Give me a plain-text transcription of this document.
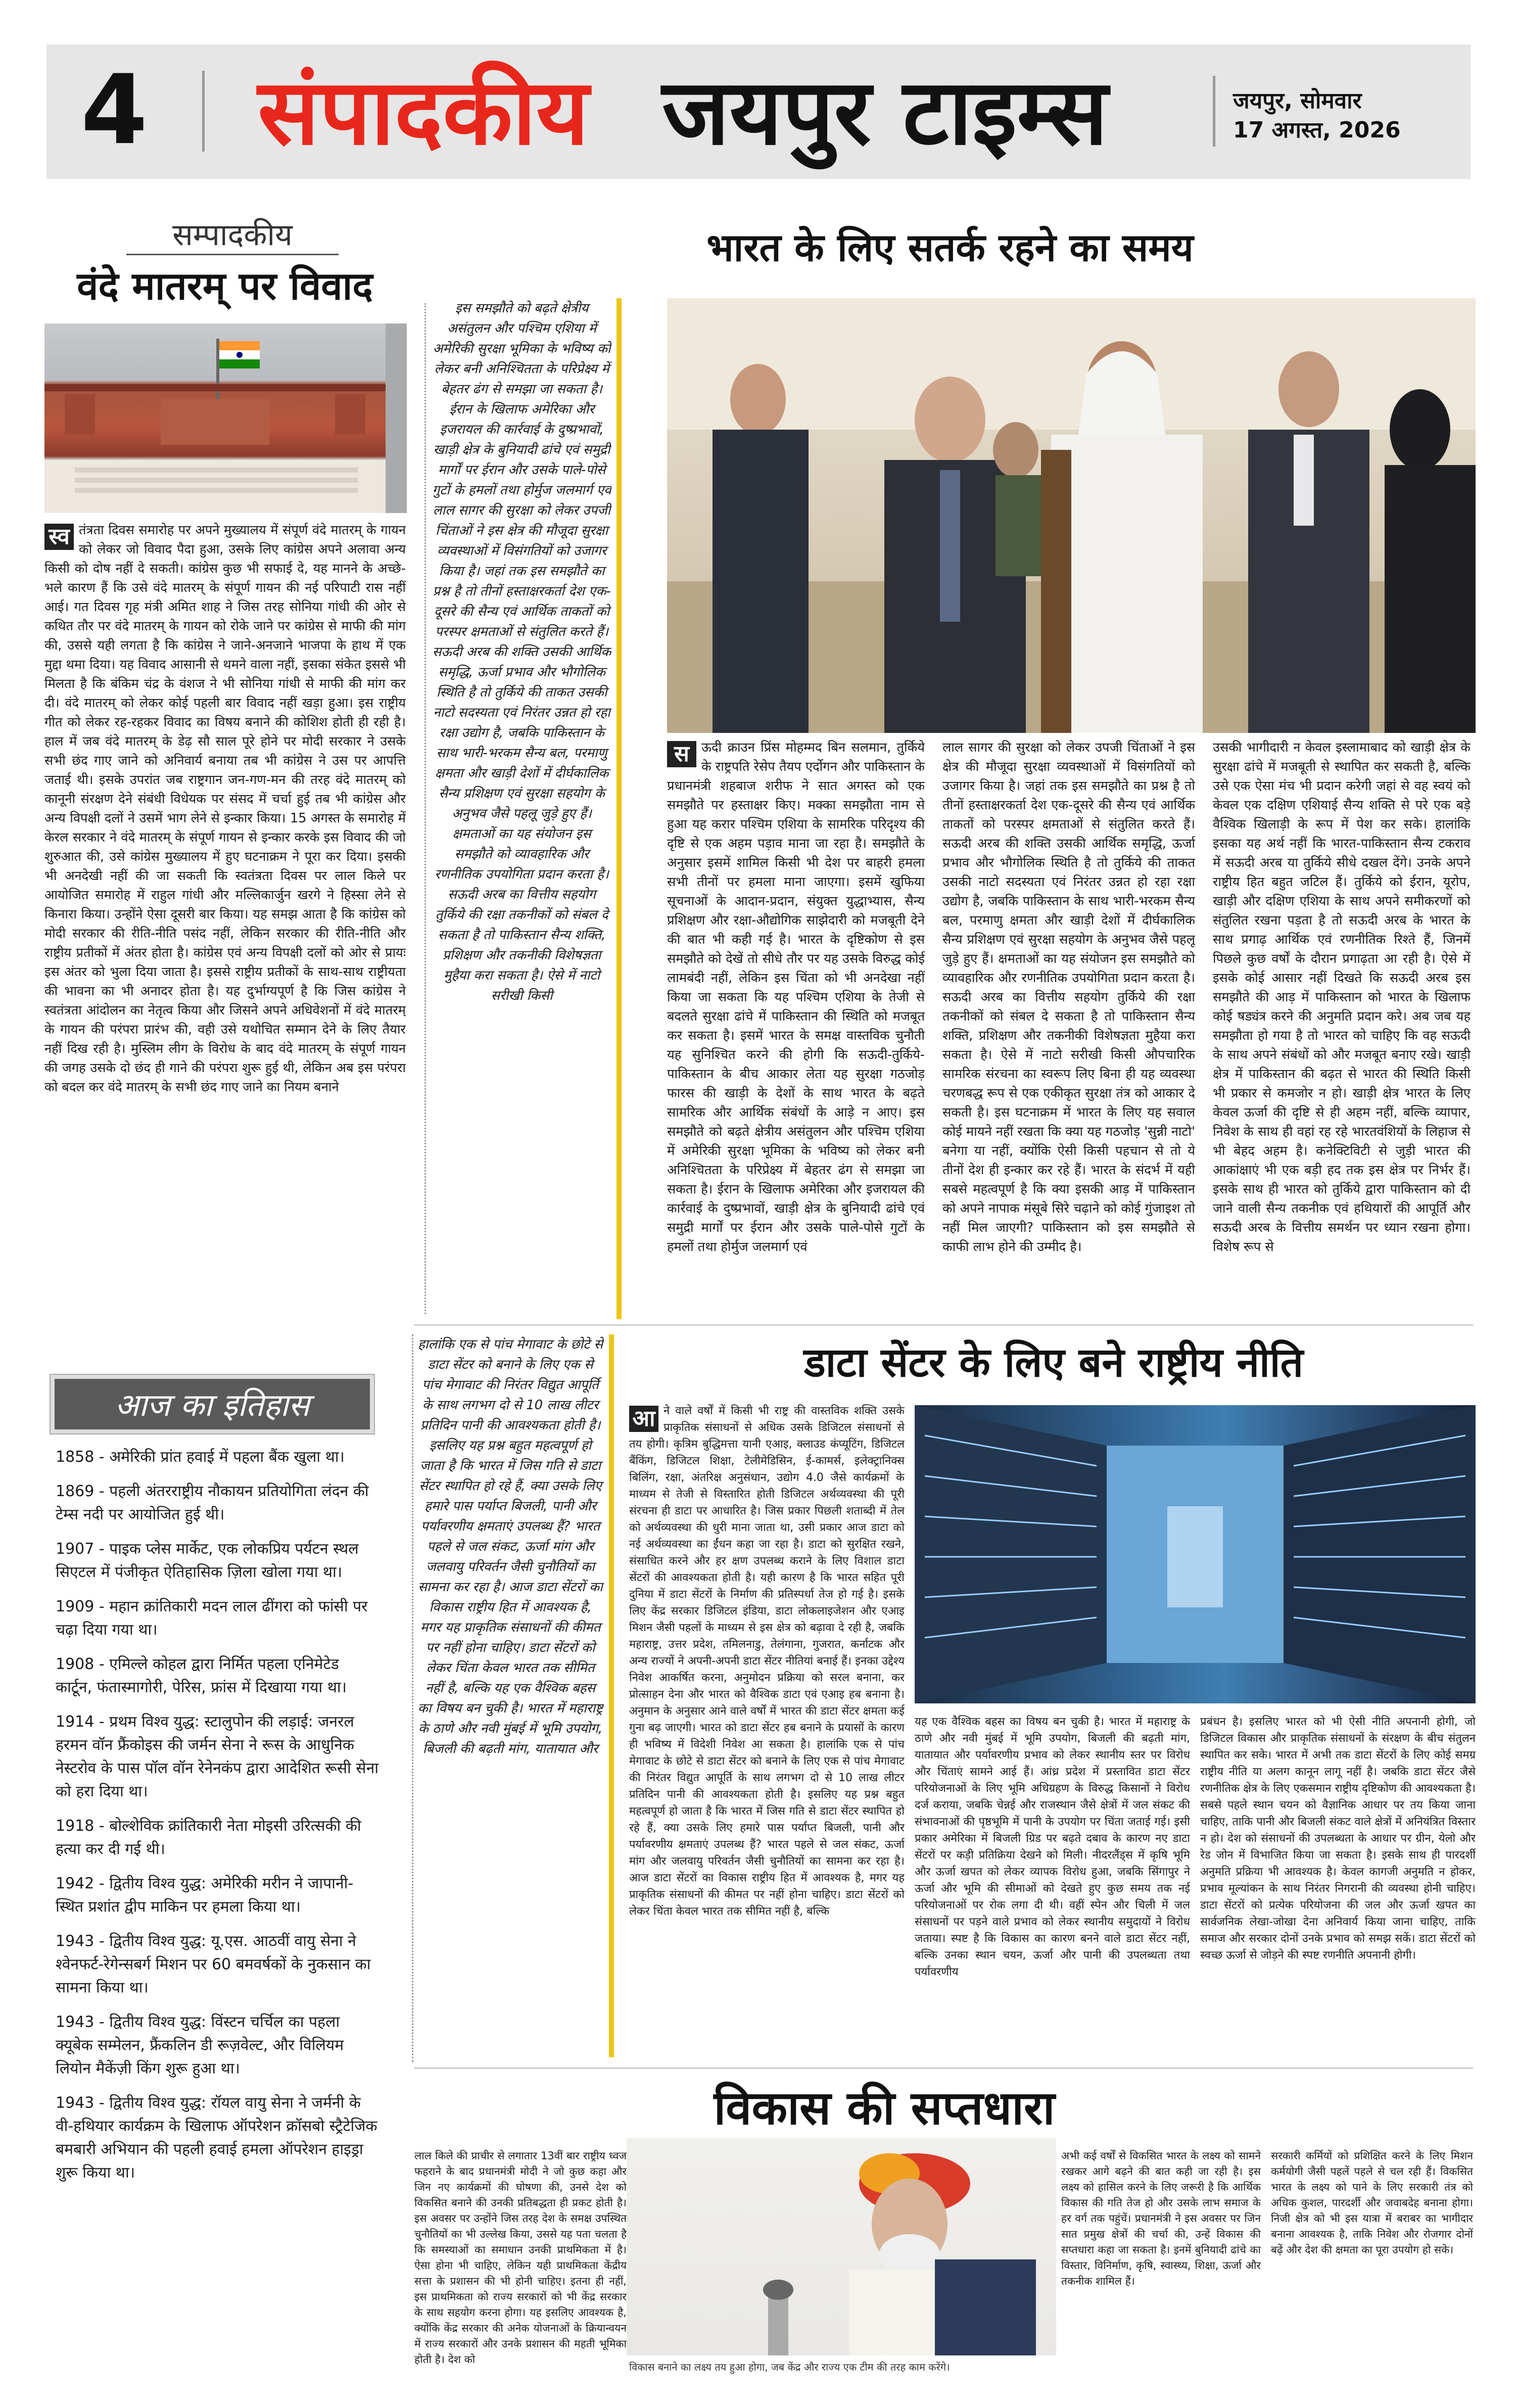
4 संपादकीय जयपुर टाइम्स	जयपुर, सोमवार
17 अगस्त, 2026
सम्पादकीय
वंदे मातरम् पर विवाद
स्व तंत्रता दिवस समारोह पर अपने मुख्यालय में संपूर्ण वंदे मातरम् के गायन को लेकर जो विवाद पैदा हुआ, उसके लिए कांग्रेस अपने अलावा अन्य किसी को दोष नहीं दे सकती। कांग्रेस कुछ भी सफाई दे, यह मानने के अच्छे-भले कारण हैं कि उसे वंदे मातरम् के संपूर्ण गायन की नई परिपाटी रास नहीं आई। गत दिवस गृह मंत्री अमित शाह ने जिस तरह सोनिया गांधी की ओर से कथित तौर पर वंदे मातरम् के गायन को रोके जाने पर कांग्रेस से माफी की मांग की, उससे यही लगता है कि कांग्रेस ने जाने-अनजाने भाजपा के हाथ में एक मुद्दा थमा दिया। यह विवाद आसानी से थमने वाला नहीं, इसका संकेत इससे भी मिलता है कि बंकिम चंद्र के वंशज ने भी सोनिया गांधी से माफी की मांग कर दी। वंदे मातरम् को लेकर कोई पहली बार विवाद नहीं खड़ा हुआ। इस राष्ट्रीय गीत को लेकर रह-रहकर विवाद का विषय बनाने की कोशिश होती ही रही है। हाल में जब वंदे मातरम् के डेढ़ सौ साल पूरे होने पर मोदी सरकार ने उसके सभी छंद गाए जाने को अनिवार्य बनाया तब भी कांग्रेस ने उस पर आपत्ति जताई थी। इसके उपरांत जब राष्ट्रगान जन-गण-मन की तरह वंदे मातरम् को कानूनी संरक्षण देने संबंधी विधेयक पर संसद में चर्चा हुई तब भी कांग्रेस और अन्य विपक्षी दलों ने उसमें भाग लेने से इन्कार किया। 15 अगस्त के समारोह में केरल सरकार ने वंदे मातरम् के संपूर्ण गायन से इन्कार करके इस विवाद की जो शुरुआत की, उसे कांग्रेस मुख्यालय में हुए घटनाक्रम ने पूरा कर दिया। इसकी भी अनदेखी नहीं की जा सकती कि स्वतंत्रता दिवस पर लाल किले पर आयोजित समारोह में राहुल गांधी और मल्लिकार्जुन खरगे ने हिस्सा लेने से किनारा किया। उन्होंने ऐसा दूसरी बार किया। यह समझ आता है कि कांग्रेस को मोदी सरकार की रीति-नीति पसंद नहीं, लेकिन सरकार की रीति-नीति और राष्ट्रीय प्रतीकों में अंतर होता है। कांग्रेस एवं अन्य विपक्षी दलों को ओर से प्रायः इस अंतर को भुला दिया जाता है। इससे राष्ट्रीय प्रतीकों के साथ-साथ राष्ट्रीयता की भावना का भी अनादर होता है। यह दुर्भाग्यपूर्ण है कि जिस कांग्रेस ने स्वतंत्रता आंदोलन का नेतृत्व किया और जिसने अपने अधिवेशनों में वंदे मातरम् के गायन की परंपरा प्रारंभ की, वही उसे यथोचित सम्मान देने के लिए तैयार नहीं दिख रही है। मुस्लिम लीग के विरोध के बाद वंदे मातरम् के संपूर्ण गायन की जगह उसके दो छंद ही गाने की परंपरा शुरू हुई थी, लेकिन अब इस परंपरा को बदल कर वंदे मातरम् के सभी छंद गाए जाने का नियम बनाने
आज का इतिहास
1858 - अमेरिकी प्रांत हवाई में पहला बैंक खुला था।
1869 - पहली अंतरराष्ट्रीय नौकायन प्रतियोगिता लंदन की टेम्स नदी पर आयोजित हुई थी।
1907 - पाइक प्लेस मार्केट, एक लोकप्रिय पर्यटन स्थल सिएटल में पंजीकृत ऐतिहासिक ज़िला खोला गया था।
1909 - महान क्रांतिकारी मदन लाल ढींगरा को फांसी पर चढ़ा दिया गया था।
1908 - एमिल्ले कोहल द्वारा निर्मित पहला एनिमेटेड कार्टून, फंतास्मागोरी, पेरिस, फ्रांस में दिखाया गया था।
1914 - प्रथम विश्व युद्ध: स्टालुपोन की लड़ाई: जनरल हरमन वॉन फ्रैंकोइस की जर्मन सेना ने रूस के आधुनिक नेस्टरोव के पास पॉल वॉन रेनेनकंप द्वारा आदेशित रूसी सेना को हरा दिया था।
1918 - बोल्शेविक क्रांतिकारी नेता मोइसी उरित्सकी की हत्या कर दी गई थी।
1942 - द्वितीय विश्व युद्ध: अमेरिकी मरीन ने जापानी-स्थित प्रशांत द्वीप माकिन पर हमला किया था।
1943 - द्वितीय विश्व युद्ध: यू.एस. आठवीं वायु सेना ने श्वेनफर्ट-रेगेन्सबर्ग मिशन पर 60 बमवर्षकों के नुकसान का सामना किया था।
1943 - द्वितीय विश्व युद्ध: विंस्टन चर्चिल का पहला क्यूबेक सम्मेलन, फ्रैंकलिन डी रूज़वेल्ट, और विलियम लियोन मैकेंज़ी किंग शुरू हुआ था।
1943 - द्वितीय विश्व युद्ध: रॉयल वायु सेना ने जर्मनी के वी-हथियार कार्यक्रम के खिलाफ ऑपरेशन क्रॉसबो स्ट्रैटेजिक बमबारी अभियान की पहली हवाई हमला ऑपरेशन हाइड्रा शुरू किया था।
इस समझौते को बढ़ते क्षेत्रीय असंतुलन और पश्चिम एशिया में अमेरिकी सुरक्षा भूमिका के भविष्य को लेकर बनी अनिश्चितता के परिप्रेक्ष्य में बेहतर ढंग से समझा जा सकता है। ईरान के खिलाफ अमेरिका और इजरायल की कार्रवाई के दुष्प्रभावों, खाड़ी क्षेत्र के बुनियादी ढांचे एवं समुद्री मार्गों पर ईरान और उसके पाले-पोसे गुटों के हमलों तथा होर्मुज जलमार्ग एवं लाल सागर की सुरक्षा को लेकर उपजी चिंताओं ने इस क्षेत्र की मौजूदा सुरक्षा व्यवस्थाओं में विसंगतियों को उजागर किया है। जहां तक इस समझौते का प्रश्न है तो तीनों हस्ताक्षरकर्ता देश एक-दूसरे की सैन्य एवं आर्थिक ताकतों को परस्पर क्षमताओं से संतुलित करते हैं। सऊदी अरब की शक्ति उसकी आर्थिक समृद्धि, ऊर्जा प्रभाव और भौगोलिक स्थिति है तो तुर्किये की ताकत उसकी नाटो सदस्यता एवं निरंतर उन्नत हो रहा रक्षा उद्योग है, जबकि पाकिस्तान के साथ भारी-भरकम सैन्य बल, परमाणु क्षमता और खाड़ी देशों में दीर्घकालिक सैन्य प्रशिक्षण एवं सुरक्षा सहयोग के अनुभव जैसे पहलू जुड़े हुए हैं। क्षमताओं का यह संयोजन इस समझौते को व्यावहारिक और रणनीतिक उपयोगिता प्रदान करता है। सऊदी अरब का वित्तीय सहयोग तुर्किये की रक्षा तकनीकों को संबल दे सकता है तो पाकिस्तान सैन्य शक्ति, प्रशिक्षण और तकनीकी विशेषज्ञता मुहैया करा सकता है। ऐसे में नाटो सरीखी किसी
भारत के लिए सतर्क रहने का समय
स ऊदी क्राउन प्रिंस मोहम्मद बिन सलमान, तुर्किये के राष्ट्रपति रेसेप तैयप एर्दोगन और पाकिस्तान के प्रधानमंत्री शहबाज शरीफ ने सात अगस्त को एक समझौते पर हस्ताक्षर किए। मक्का समझौता नाम से हुआ यह करार पश्चिम एशिया के सामरिक परिदृश्य की दृष्टि से एक अहम पड़ाव माना जा रहा है। समझौते के अनुसार इसमें शामिल किसी भी देश पर बाहरी हमला सभी तीनों पर हमला माना जाएगा। इसमें खुफिया सूचनाओं के आदान-प्रदान, संयुक्त युद्धाभ्यास, सैन्य प्रशिक्षण और रक्षा-औद्योगिक साझेदारी को मजबूती देने की बात भी कही गई है। भारत के दृष्टिकोण से इस समझौते को देखें तो सीधे तौर पर यह उसके विरुद्ध कोई लामबंदी नहीं, लेकिन इस चिंता को भी अनदेखा नहीं किया जा सकता कि यह पश्चिम एशिया के तेजी से बदलते सुरक्षा ढांचे में पाकिस्तान की स्थिति को मजबूत कर सकता है। इसमें भारत के समक्ष वास्तविक चुनौती यह सुनिश्चित करने की होगी कि सऊदी-तुर्किये-पाकिस्तान के बीच आकार लेता यह सुरक्षा गठजोड़ फारस की खाड़ी के देशों के साथ भारत के बढ़ते सामरिक और आर्थिक संबंधों के आड़े न आए। इस समझौते को बढ़ते क्षेत्रीय असंतुलन और पश्चिम एशिया में अमेरिकी सुरक्षा भूमिका के भविष्य को लेकर बनी अनिश्चितता के परिप्रेक्ष्य में बेहतर ढंग से समझा जा सकता है। ईरान के खिलाफ अमेरिका और इजरायल की कार्रवाई के दुष्प्रभावों, खाड़ी क्षेत्र के बुनियादी ढांचे एवं समुद्री मार्गों पर ईरान और उसके पाले-पोसे गुटों के हमलों तथा होर्मुज जलमार्ग एवं
लाल सागर की सुरक्षा को लेकर उपजी चिंताओं ने इस क्षेत्र की मौजूदा सुरक्षा व्यवस्थाओं में विसंगतियों को उजागर किया है। जहां तक इस समझौते का प्रश्न है तो तीनों हस्ताक्षरकर्ता देश एक-दूसरे की सैन्य एवं आर्थिक ताकतों को परस्पर क्षमताओं से संतुलित करते हैं। सऊदी अरब की शक्ति उसकी आर्थिक समृद्धि, ऊर्जा प्रभाव और भौगोलिक स्थिति है तो तुर्किये की ताकत उसकी नाटो सदस्यता एवं निरंतर उन्नत हो रहा रक्षा उद्योग है, जबकि पाकिस्तान के साथ भारी-भरकम सैन्य बल, परमाणु क्षमता और खाड़ी देशों में दीर्घकालिक सैन्य प्रशिक्षण एवं सुरक्षा सहयोग के अनुभव जैसे पहलू जुड़े हुए हैं। क्षमताओं का यह संयोजन इस समझौते को व्यावहारिक और रणनीतिक उपयोगिता प्रदान करता है। सऊदी अरब का वित्तीय सहयोग तुर्किये की रक्षा तकनीकों को संबल दे सकता है तो पाकिस्तान सैन्य शक्ति, प्रशिक्षण और तकनीकी विशेषज्ञता मुहैया करा सकता है। ऐसे में नाटो सरीखी किसी औपचारिक सामरिक संरचना का स्वरूप लिए बिना ही यह व्यवस्था चरणबद्ध रूप से एक एकीकृत सुरक्षा तंत्र को आकार दे सकती है। इस घटनाक्रम में भारत के लिए यह सवाल कोई मायने नहीं रखता कि क्या यह गठजोड़ 'सुन्नी नाटो' बनेगा या नहीं, क्योंकि ऐसी किसी पहचान से तो ये तीनों देश ही इन्कार कर रहे हैं। भारत के संदर्भ में यही सबसे महत्वपूर्ण है कि क्या इसकी आड़ में पाकिस्तान को अपने नापाक मंसूबे सिरे चढ़ाने को कोई गुंजाइश तो नहीं मिल जाएगी? पाकिस्तान को इस समझौते से काफी लाभ होने की उम्मीद है।
उसकी भागीदारी न केवल इस्लामाबाद को खाड़ी क्षेत्र के सुरक्षा ढांचे में मजबूती से स्थापित कर सकती है, बल्कि उसे एक ऐसा मंच भी प्रदान करेगी जहां से वह स्वयं को केवल एक दक्षिण एशियाई सैन्य शक्ति से परे एक बड़े वैश्विक खिलाड़ी के रूप में पेश कर सके। हालांकि इसका यह अर्थ नहीं कि भारत-पाकिस्तान सैन्य टकराव में सऊदी अरब या तुर्किये सीधे दखल देंगे। उनके अपने राष्ट्रीय हित बहुत जटिल हैं। तुर्किये को ईरान, यूरोप, खाड़ी और दक्षिण एशिया के साथ अपने समीकरणों को संतुलित रखना पड़ता है तो सऊदी अरब के भारत के साथ प्रगाढ़ आर्थिक एवं रणनीतिक रिश्ते हैं, जिनमें पिछले कुछ वर्षों के दौरान प्रगाढ़ता आ रही है। ऐसे में इसके कोई आसार नहीं दिखते कि सऊदी अरब इस समझौते की आड़ में पाकिस्तान को भारत के खिलाफ कोई षड्यंत्र करने की अनुमति प्रदान करे। अब जब यह समझौता हो गया है तो भारत को चाहिए कि वह सऊदी के साथ अपने संबंधों को और मजबूत बनाए रखे। खाड़ी क्षेत्र में पाकिस्तान की बढ़त से भारत की स्थिति किसी भी प्रकार से कमजोर न हो। खाड़ी क्षेत्र भारत के लिए केवल ऊर्जा की दृष्टि से ही अहम नहीं, बल्कि व्यापार, निवेश के साथ ही वहां रह रहे भारतवंशियों के लिहाज से भी बेहद अहम है। कनेक्टिविटी से जुड़ी भारत की आकांक्षाएं भी एक बड़ी हद तक इस क्षेत्र पर निर्भर हैं। इसके साथ ही भारत को तुर्किये द्वारा पाकिस्तान को दी जाने वाली सैन्य तकनीक एवं हथियारों की आपूर्ति और सऊदी अरब के वित्तीय समर्थन पर ध्यान रखना होगा। विशेष रूप से
हालांकि एक से पांच मेगावाट के छोटे से डाटा सेंटर को बनाने के लिए एक से पांच मेगावाट की निरंतर विद्युत आपूर्ति के साथ लगभग दो से 10 लाख लीटर प्रतिदिन पानी की आवश्यकता होती है। इसलिए यह प्रश्न बहुत महत्वपूर्ण हो जाता है कि भारत में जिस गति से डाटा सेंटर स्थापित हो रहे हैं, क्या उसके लिए हमारे पास पर्याप्त बिजली, पानी और पर्यावरणीय क्षमताएं उपलब्ध हैं? भारत पहले से जल संकट, ऊर्जा मांग और जलवायु परिवर्तन जैसी चुनौतियों का सामना कर रहा है। आज डाटा सेंटरों का विकास राष्ट्रीय हित में आवश्यक है, मगर यह प्राकृतिक संसाधनों की कीमत पर नहीं होना चाहिए। डाटा सेंटरों को लेकर चिंता केवल भारत तक सीमित नहीं है, बल्कि यह एक वैश्विक बहस का विषय बन चुकी है। भारत में महाराष्ट्र के ठाणे और नवी मुंबई में भूमि उपयोग, बिजली की बढ़ती मांग, यातायात और
डाटा सेंटर के लिए बने राष्ट्रीय नीति
आ ने वाले वर्षों में किसी भी राष्ट्र की वास्तविक शक्ति उसके प्राकृतिक संसाधनों से अधिक उसके डिजिटल संसाधनों से तय होगी। कृत्रिम बुद्धिमत्ता यानी एआइ, क्लाउड कंप्यूटिंग, डिजिटल बैंकिंग, डिजिटल शिक्षा, टेलीमेडिसिन, ई-कामर्स, इलेक्ट्रानिक्स बिलिंग, रक्षा, अंतरिक्ष अनुसंधान, उद्योग 4.0 जैसे कार्यक्रमों के माध्यम से तेजी से विस्तारित होती डिजिटल अर्थव्यवस्था की पूरी संरचना ही डाटा पर आधारित है। जिस प्रकार पिछली शताब्दी में तेल को अर्थव्यवस्था की धुरी माना जाता था, उसी प्रकार आज डाटा को नई अर्थव्यवस्था का ईंधन कहा जा रहा है। डाटा को सुरक्षित रखने, संसाधित करने और हर क्षण उपलब्ध कराने के लिए विशाल डाटा सेंटरों की आवश्यकता होती है। यही कारण है कि भारत सहित पूरी दुनिया में डाटा सेंटरों के निर्माण की प्रतिस्पर्धा तेज हो गई है। इसके लिए केंद्र सरकार डिजिटल इंडिया, डाटा लोकलाइजेशन और एआइ मिशन जैसी पहलों के माध्यम से इस क्षेत्र को बढ़ावा दे रही है, जबकि महाराष्ट्र, उत्तर प्रदेश, तमिलनाडु, तेलंगाना, गुजरात, कर्नाटक और अन्य राज्यों ने अपनी-अपनी डाटा सेंटर नीतियां बनाई हैं। इनका उद्देश्य निवेश आकर्षित करना, अनुमोदन प्रक्रिया को सरल बनाना, कर प्रोत्साहन देना और भारत को वैश्विक डाटा एवं एआइ हब बनाना है। अनुमान के अनुसार आने वाले वर्षों में भारत की डाटा सेंटर क्षमता कई गुना बढ़ जाएगी। भारत को डाटा सेंटर हब बनाने के प्रयासों के कारण ही भविष्य में विदेशी निवेश आ सकता है। हालांकि एक से पांच मेगावाट के छोटे से डाटा सेंटर को बनाने के लिए एक से पांच मेगावाट की निरंतर विद्युत आपूर्ति के साथ लगभग दो से 10 लाख लीटर प्रतिदिन पानी की आवश्यकता होती है। इसलिए यह प्रश्न बहुत महत्वपूर्ण हो जाता है कि भारत में जिस गति से डाटा सेंटर स्थापित हो रहे हैं, क्या उसके लिए हमारे पास पर्याप्त बिजली, पानी और पर्यावरणीय क्षमताएं उपलब्ध हैं? भारत पहले से जल संकट, ऊर्जा मांग और जलवायु परिवर्तन जैसी चुनौतियों का सामना कर रहा है। आज डाटा सेंटरों का विकास राष्ट्रीय हित में आवश्यक है, मगर यह प्राकृतिक संसाधनों की कीमत पर नहीं होना चाहिए। डाटा सेंटरों को लेकर चिंता केवल भारत तक सीमित नहीं है, बल्कि
यह एक वैश्विक बहस का विषय बन चुकी है। भारत में महाराष्ट्र के ठाणे और नवी मुंबई में भूमि उपयोग, बिजली की बढ़ती मांग, यातायात और पर्यावरणीय प्रभाव को लेकर स्थानीय स्तर पर विरोध और चिंताएं सामने आई हैं। आंध्र प्रदेश में प्रस्तावित डाटा सेंटर परियोजनाओं के लिए भूमि अधिग्रहण के विरुद्ध किसानों ने विरोध दर्ज कराया, जबकि चेन्नई और राजस्थान जैसे क्षेत्रों में जल संकट की संभावनाओं की पृष्ठभूमि में पानी के उपयोग पर चिंता जताई गई। इसी प्रकार अमेरिका में बिजली ग्रिड पर बढ़ते दबाव के कारण नए डाटा सेंटरों पर कड़ी प्रतिक्रिया देखने को मिली। नीदरलैंड्स में कृषि भूमि और ऊर्जा खपत को लेकर व्यापक विरोध हुआ, जबकि सिंगापुर ने ऊर्जा और भूमि की सीमाओं को देखते हुए कुछ समय तक नई परियोजनाओं पर रोक लगा दी थी। वहीं स्पेन और चिली में जल संसाधनों पर पड़ने वाले प्रभाव को लेकर स्थानीय समुदायों ने विरोध जताया। स्पष्ट है कि विकास का कारण बनने वाले डाटा सेंटर नहीं, बल्कि उनका स्थान चयन, ऊर्जा और पानी की उपलब्धता तथा पर्यावरणीय
प्रबंधन है। इसलिए भारत को भी ऐसी नीति अपनानी होगी, जो डिजिटल विकास और प्राकृतिक संसाधनों के संरक्षण के बीच संतुलन स्थापित कर सके। भारत में अभी तक डाटा सेंटरों के लिए कोई समग्र राष्ट्रीय नीति या अलग कानून लागू नहीं है। जबकि डाटा सेंटर जैसे रणनीतिक क्षेत्र के लिए एकसमान राष्ट्रीय दृष्टिकोण की आवश्यकता है। सबसे पहले स्थान चयन को वैज्ञानिक आधार पर तय किया जाना चाहिए, ताकि पानी और बिजली संकट वाले क्षेत्रों में अनियंत्रित विस्तार न हो। देश को संसाधनों की उपलब्धता के आधार पर ग्रीन, येलो और रेड जोन में विभाजित किया जा सकता है। इसके साथ ही पारदर्शी अनुमति प्रक्रिया भी आवश्यक है। केवल कागजी अनुमति न होकर, प्रभाव मूल्यांकन के साथ निरंतर निगरानी की व्यवस्था होनी चाहिए। डाटा सेंटरों को प्रत्येक परियोजना की जल और ऊर्जा खपत का सार्वजनिक लेखा-जोखा देना अनिवार्य किया जाना चाहिए, ताकि समाज और सरकार दोनों उनके प्रभाव को समझ सकें। डाटा सेंटरों को स्वच्छ ऊर्जा से जोड़ने की स्पष्ट रणनीति अपनानी होगी।
विकास की सप्तधारा
लाल किले की प्राचीर से लगातार 13वीं बार राष्ट्रीय ध्वज फहराने के बाद प्रधानमंत्री मोदी ने जो कुछ कहा और जिन नए कार्यक्रमों की घोषणा की, उनसे देश को विकसित बनाने की उनकी प्रतिबद्धता ही प्रकट होती है। इस अवसर पर उन्होंने जिस तरह देश के समक्ष उपस्थित चुनौतियों का भी उल्लेख किया, उससे यह पता चलता है कि समस्याओं का समाधान उनकी प्राथमिकता में है। ऐसा होना भी चाहिए, लेकिन यही प्राथमिकता केंद्रीय सत्ता के प्रशासन की भी होनी चाहिए। इतना ही नहीं, इस प्राथमिकता को राज्य सरकारों को भी केंद्र सरकार के साथ सहयोग करना होगा। यह इसलिए आवश्यक है, क्योंकि केंद्र सरकार की अनेक योजनाओं के क्रियान्वयन में राज्य सरकारों और उनके प्रशासन की महती भूमिका होती है। देश को
विकास बनाने का लक्ष्य तय हुआ होगा, जब केंद्र और राज्य एक टीम की तरह काम करेंगे।
अभी कई वर्षों से विकसित भारत के लक्ष्य को सामने रखकर आगे बढ़ने की बात कही जा रही है। इस लक्ष्य को हासिल करने के लिए जरूरी है कि आर्थिक विकास की गति तेज हो और उसके लाभ समाज के हर वर्ग तक पहुंचें। प्रधानमंत्री ने इस अवसर पर जिन सात प्रमुख क्षेत्रों की चर्चा की, उन्हें विकास की सप्तधारा कहा जा सकता है। इनमें बुनियादी ढांचे का विस्तार, विनिर्माण, कृषि, स्वास्थ्य, शिक्षा, ऊर्जा और तकनीक शामिल हैं।
सरकारी कर्मियों को प्रशिक्षित करने के लिए मिशन कर्मयोगी जैसी पहलें पहले से चल रही हैं। विकसित भारत के लक्ष्य को पाने के लिए सरकारी तंत्र को अधिक कुशल, पारदर्शी और जवाबदेह बनाना होगा। निजी क्षेत्र को भी इस यात्रा में बराबर का भागीदार बनाना आवश्यक है, ताकि निवेश और रोजगार दोनों बढ़ें और देश की क्षमता का पूरा उपयोग हो सके।
